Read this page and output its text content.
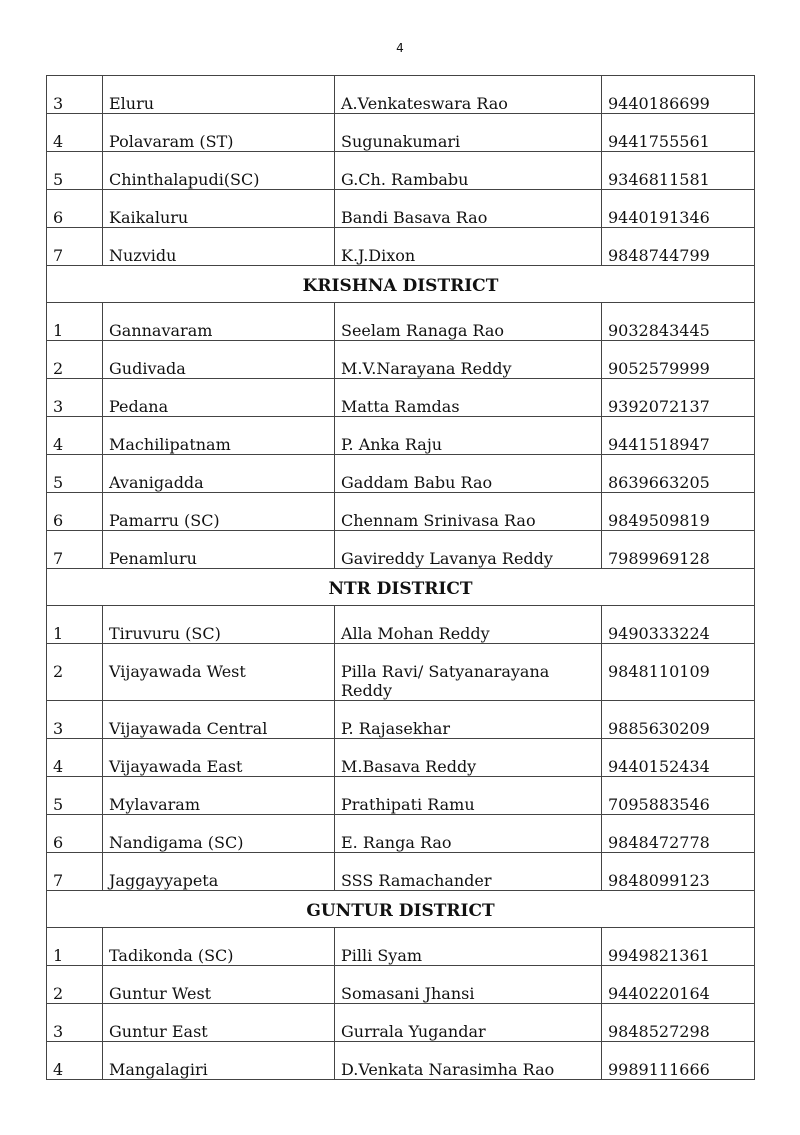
4
3	Eluru	A.Venkateswara Rao	9440186699
4	Polavaram (ST)	Sugunakumari	9441755561
5	Chinthalapudi(SC)	G.Ch. Rambabu	9346811581
6	Kaikaluru	Bandi Basava Rao	9440191346
7	Nuzvidu	K.J.Dixon	9848744799
KRISHNA DISTRICT			
1	Gannavaram	Seelam Ranaga Rao	9032843445
2	Gudivada	M.V.Narayana Reddy	9052579999
3	Pedana	Matta Ramdas	9392072137
4	Machilipatnam	P. Anka Raju	9441518947
5	Avanigadda	Gaddam Babu Rao	8639663205
6	Pamarru (SC)	Chennam Srinivasa Rao	9849509819
7	Penamluru	Gavireddy Lavanya Reddy	7989969128
NTR DISTRICT			
1	Tiruvuru (SC)	Alla Mohan Reddy	9490333224
2	Vijayawada West	Pilla Ravi/ Satyanarayana Reddy	9848110109
3	Vijayawada Central	P. Rajasekhar	9885630209
4	Vijayawada East	M.Basava Reddy	9440152434
5	Mylavaram	Prathipati Ramu	7095883546
6	Nandigama (SC)	E. Ranga Rao	9848472778
7	Jaggayyapeta	SSS Ramachander	9848099123
GUNTUR DISTRICT			
1	Tadikonda (SC)	Pilli Syam	9949821361
2	Guntur West	Somasani Jhansi	9440220164
3	Guntur East	Gurrala Yugandar	9848527298
4	Mangalagiri	D.Venkata Narasimha Rao	9989111666
